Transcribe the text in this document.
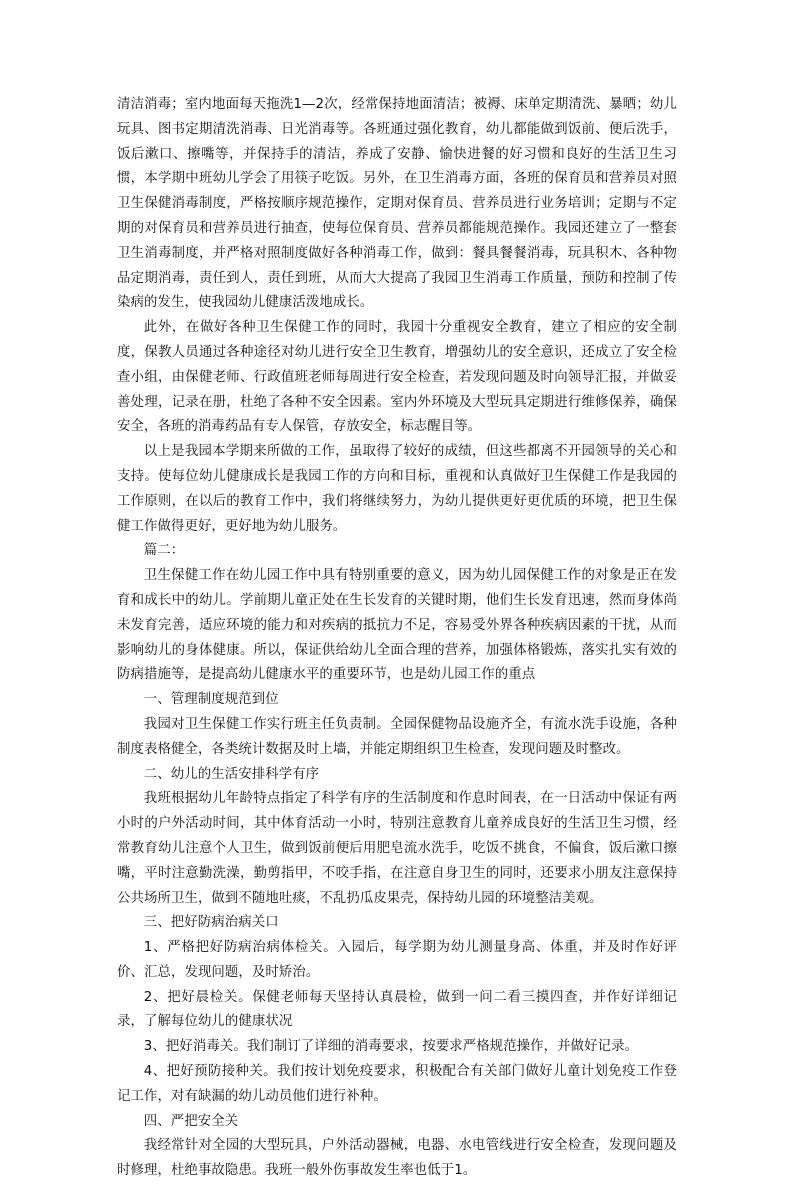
清洁消毒；室内地面每天拖洗1—2次，经常保持地面清洁；被褥、床单定期清洗、暴晒；幼儿玩具、图书定期清洗消毒、日光消毒等。各班通过强化教育，幼儿都能做到饭前、便后洗手，饭后漱口、擦嘴等，并保持手的清洁，养成了安静、愉快进餐的好习惯和良好的生活卫生习惯，本学期中班幼儿学会了用筷子吃饭。另外，在卫生消毒方面，各班的保育员和营养员对照卫生保健消毒制度，严格按顺序规范操作，定期对保育员、营养员进行业务培训；定期与不定期的对保育员和营养员进行抽查，使每位保育员、营养员都能规范操作。我园还建立了一整套卫生消毒制度，并严格对照制度做好各种消毒工作，做到：餐具餐餐消毒，玩具积木、各种物品定期消毒，责任到人，责任到班，从而大大提高了我园卫生消毒工作质量，预防和控制了传染病的发生，使我园幼儿健康活泼地成长。

此外，在做好各种卫生保健工作的同时，我园十分重视安全教育，建立了相应的安全制度，保教人员通过各种途径对幼儿进行安全卫生教育，增强幼儿的安全意识，还成立了安全检查小组，由保健老师、行政值班老师每周进行安全检查，若发现问题及时向领导汇报，并做妥善处理，记录在册，杜绝了各种不安全因素。室内外环境及大型玩具定期进行维修保养，确保安全，各班的消毒药品有专人保管，存放安全，标志醒目等。

以上是我园本学期来所做的工作，虽取得了较好的成绩，但这些都离不开园领导的关心和支持。使每位幼儿健康成长是我园工作的方向和目标，重视和认真做好卫生保健工作是我园的工作原则，在以后的教育工作中，我们将继续努力，为幼儿提供更好更优质的环境，把卫生保健工作做得更好，更好地为幼儿服务。

篇二：

卫生保健工作在幼儿园工作中具有特别重要的意义，因为幼儿园保健工作的对象是正在发育和成长中的幼儿。学前期儿童正处在生长发育的关键时期，他们生长发育迅速，然而身体尚未发育完善，适应环境的能力和对疾病的抵抗力不足，容易受外界各种疾病因素的干扰，从而影响幼儿的身体健康。所以，保证供给幼儿全面合理的营养，加强体格锻炼，落实扎实有效的防病措施等，是提高幼儿健康水平的重要环节，也是幼儿园工作的重点

一、管理制度规范到位

我园对卫生保健工作实行班主任负责制。全园保健物品设施齐全，有流水洗手设施，各种制度表格健全，各类统计数据及时上墙，并能定期组织卫生检查，发现问题及时整改。

二、幼儿的生活安排科学有序

我班根据幼儿年龄特点指定了科学有序的生活制度和作息时间表，在一日活动中保证有两小时的户外活动时间，其中体育活动一小时，特别注意教育儿童养成良好的生活卫生习惯，经常教育幼儿注意个人卫生，做到饭前便后用肥皂流水洗手，吃饭不挑食，不偏食，饭后漱口擦嘴，平时注意勤洗澡，勤剪指甲，不咬手指，在注意自身卫生的同时，还要求小朋友注意保持公共场所卫生，做到不随地吐痰，不乱扔瓜皮果壳，保持幼儿园的环境整洁美观。

三、把好防病治病关口

1、严格把好防病治病体检关。入园后，每学期为幼儿测量身高、体重，并及时作好评价、汇总，发现问题，及时矫治。

2、把好晨检关。保健老师每天坚持认真晨检，做到一问二看三摸四查，并作好详细记录，了解每位幼儿的健康状况

3、把好消毒关。我们制订了详细的消毒要求，按要求严格规范操作，并做好记录。

4、把好预防接种关。我们按计划免疫要求，积极配合有关部门做好儿童计划免疫工作登记工作，对有缺漏的幼儿动员他们进行补种。

四、严把安全关

我经常针对全园的大型玩具，户外活动器械，电器、水电管线进行安全检查，发现问题及时修理，杜绝事故隐患。我班一般外伤事故发生率也低于1。
